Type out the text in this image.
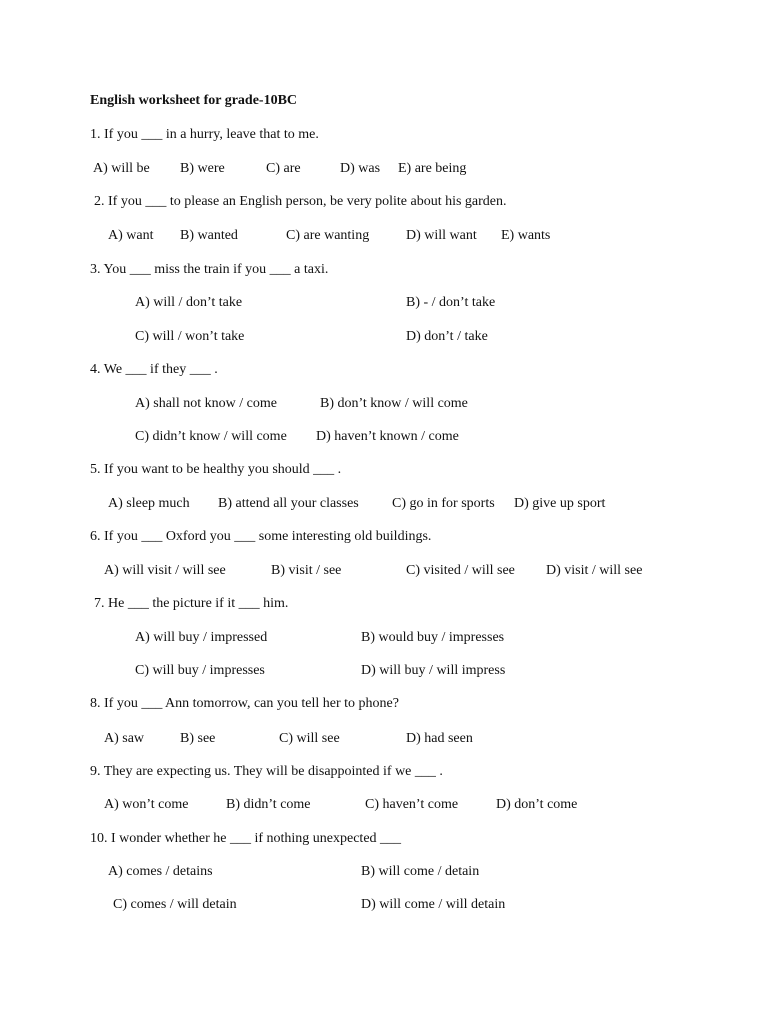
English worksheet for grade-10BC
1. If you ___ in a hurry, leave that to me.
A) will be B) were	C) are	D) was E) are being
2. If you ___ to please an English person, be very polite about his garden.
A) want B) wanted	C) are wanting	D) will want E) wants
3. You ___ miss the train if you ___ a taxi.
A) will / don’t take	B) - / don’t take
C) will / won’t take	D) don’t / take
4. We ___ if they ___ .
A) shall not know / come	B) don’t know / will come
C) didn’t know / will come D) haven’t known / come
5. If you want to be healthy you should ___ .
A) sleep much B) attend all your classes C) go in for sports D) give up sport
6. If you ___ Oxford you ___ some interesting old buildings.
A) will visit / will see	B) visit / see	C) visited / will see D) visit / will see
7. He ___ the picture if it ___ him.
A) will buy / impressed	B) would buy / impresses
C) will buy / impresses	D) will buy / will impress
8. If you ___ Ann tomorrow, can you tell her to phone?
A) saw	B) see	C) will see	D) had seen
9. They are expecting us. They will be disappointed if we ___ .
A) won’t come	B) didn’t come	C) haven’t come	D) don’t come
10. I wonder whether he ___ if nothing unexpected ___
A) comes / detains	B) will come / detain
C) comes / will detain	D) will come / will detain
